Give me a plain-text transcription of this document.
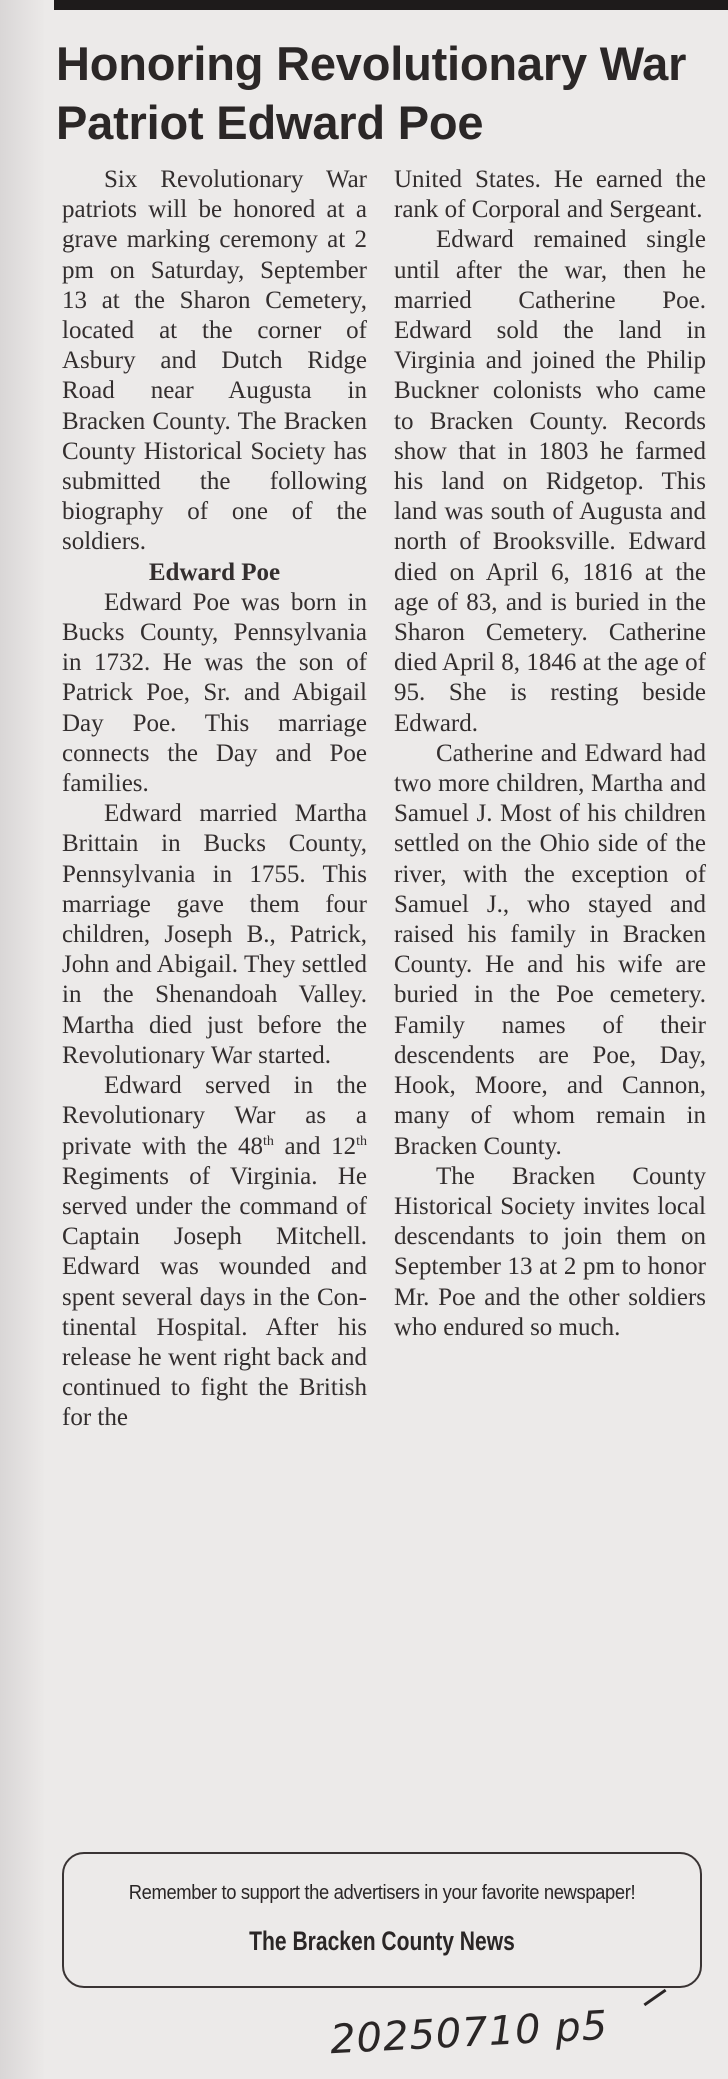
Honoring Revolutionary War Patriot Edward Poe

Six Revolutionary War patriots will be honored at a grave marking ceremony at 2 pm on Saturday, September 13 at the Sharon Cemetery, located at the corner of Asbury and Dutch Ridge Road near Augusta in Bracken County. The Bracken County Historical Society has submitted the following biography of one of the soldiers.

Edward Poe

Edward Poe was born in Bucks County, Pennsylvania in 1732. He was the son of Patrick Poe, Sr. and Abigail Day Poe. This marriage connects the Day and Poe families.

Edward married Martha Brittain in Bucks County, Pennsylvania in 1755. This marriage gave them four children, Joseph B., Patrick, John and Abigail. They settled in the Shenandoah Valley. Martha died just before the Revolutionary War started.

Edward served in the Revolutionary War as a private with the 48th and 12th Regiments of Virginia. He served under the command of Captain Joseph Mitchell. Edward was wounded and spent several days in the Continental Hospital. After his release he went right back and continued to fight the British for the

United States. He earned the rank of Corporal and Sergeant.

Edward remained single until after the war, then he married Catherine Poe. Edward sold the land in Virginia and joined the Philip Buckner colonists who came to Bracken County. Records show that in 1803 he farmed his land on Ridgetop. This land was south of Augusta and north of Brooksville. Edward died on April 6, 1816 at the age of 83, and is buried in the Sharon Cemetery. Catherine died April 8, 1846 at the age of 95. She is resting beside Edward.

Catherine and Edward had two more children, Martha and Samuel J. Most of his children settled on the Ohio side of the river, with the exception of Samuel J., who stayed and raised his family in Bracken County. He and his wife are buried in the Poe cemetery. Family names of their descendents are Poe, Day, Hook, Moore, and Cannon, many of whom remain in Bracken County.

The Bracken County Historical Society invites local descendants to join them on September 13 at 2 pm to honor Mr. Poe and the other soldiers who endured so much.

Remember to support the advertisers in your favorite newspaper!
The Bracken County News
20250710 p5
